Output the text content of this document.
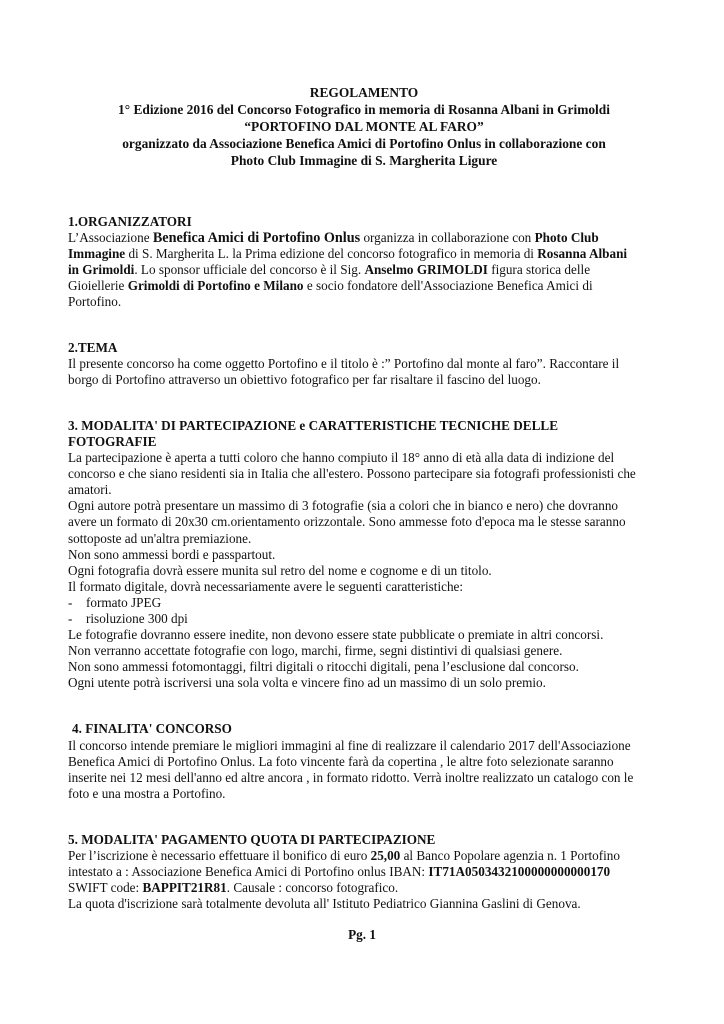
REGOLAMENTO
1° Edizione 2016 del Concorso Fotografico in memoria di Rosanna Albani in Grimoldi
“PORTOFINO DAL MONTE AL FARO”
organizzato da Associazione Benefica Amici di Portofino Onlus in collaborazione con
Photo Club Immagine di S. Margherita Ligure

1.ORGANIZZATORI

L’Associazione Benefica Amici di Portofino Onlus organizza in collaborazione con Photo Club

Immagine di S. Margherita L. la Prima edizione del concorso fotografico in memoria di Rosanna Albani

in Grimoldi. Lo sponsor ufficiale del concorso è il Sig. Anselmo GRIMOLDI figura storica delle

Gioiellerie Grimoldi di Portofino e Milano e socio fondatore dell'Associazione Benefica Amici di

Portofino.

2.TEMA

Il presente concorso ha come oggetto Portofino e il titolo è :” Portofino dal monte al faro”. Raccontare il

borgo di Portofino attraverso un obiettivo fotografico per far risaltare il fascino del luogo.

3. MODALITA' DI PARTECIPAZIONE e CARATTERISTICHE TECNICHE DELLE

FOTOGRAFIE

La partecipazione è aperta a tutti coloro che hanno compiuto il 18° anno di età alla data di indizione del

concorso e che siano residenti sia in Italia che all'estero. Possono partecipare sia fotografi professionisti che

amatori.

Ogni autore potrà presentare un massimo di 3 fotografie (sia a colori che in bianco e nero) che dovranno

avere un formato di 20x30 cm.orientamento orizzontale. Sono ammesse foto d'epoca ma le stesse saranno

sottoposte ad un'altra premiazione.

Non sono ammessi bordi e passpartout.

Ogni fotografia dovrà essere munita sul retro del nome e cognome e di un titolo.

Il formato digitale, dovrà necessariamente avere le seguenti caratteristiche:

‐	formato JPEG
-	risoluzione 300 dpi

Le fotografie dovranno essere inedite, non devono essere state pubblicate o premiate in altri concorsi.

Non verranno accettate fotografie con logo, marchi, firme, segni distintivi di qualsiasi genere.

Non sono ammessi fotomontaggi, filtri digitali o ritocchi digitali, pena l’esclusione dal concorso.

Ogni utente potrà iscriversi una sola volta e vincere fino ad un massimo di un solo premio.

4. FINALITA' CONCORSO

Il concorso intende premiare le migliori immagini al fine di realizzare il calendario 2017 dell'Associazione

Benefica Amici di Portofino Onlus. La foto vincente farà da copertina , le altre foto selezionate saranno

inserite nei 12 mesi dell'anno ed altre ancora , in formato ridotto. Verrà inoltre realizzato un catalogo con le

foto e una mostra a Portofino.

5. MODALITA' PAGAMENTO QUOTA DI PARTECIPAZIONE

Per l’iscrizione è necessario effettuare il bonifico di euro 25,00 al Banco Popolare agenzia n. 1 Portofino

intestato a : Associazione Benefica Amici di Portofino onlus IBAN: IT71A0503432100000000000170

SWIFT code: BAPPIT21R81. Causale : concorso fotografico.

La quota d'iscrizione sarà totalmente devoluta all' Istituto Pediatrico Giannina Gaslini di Genova.

Pg. 1
